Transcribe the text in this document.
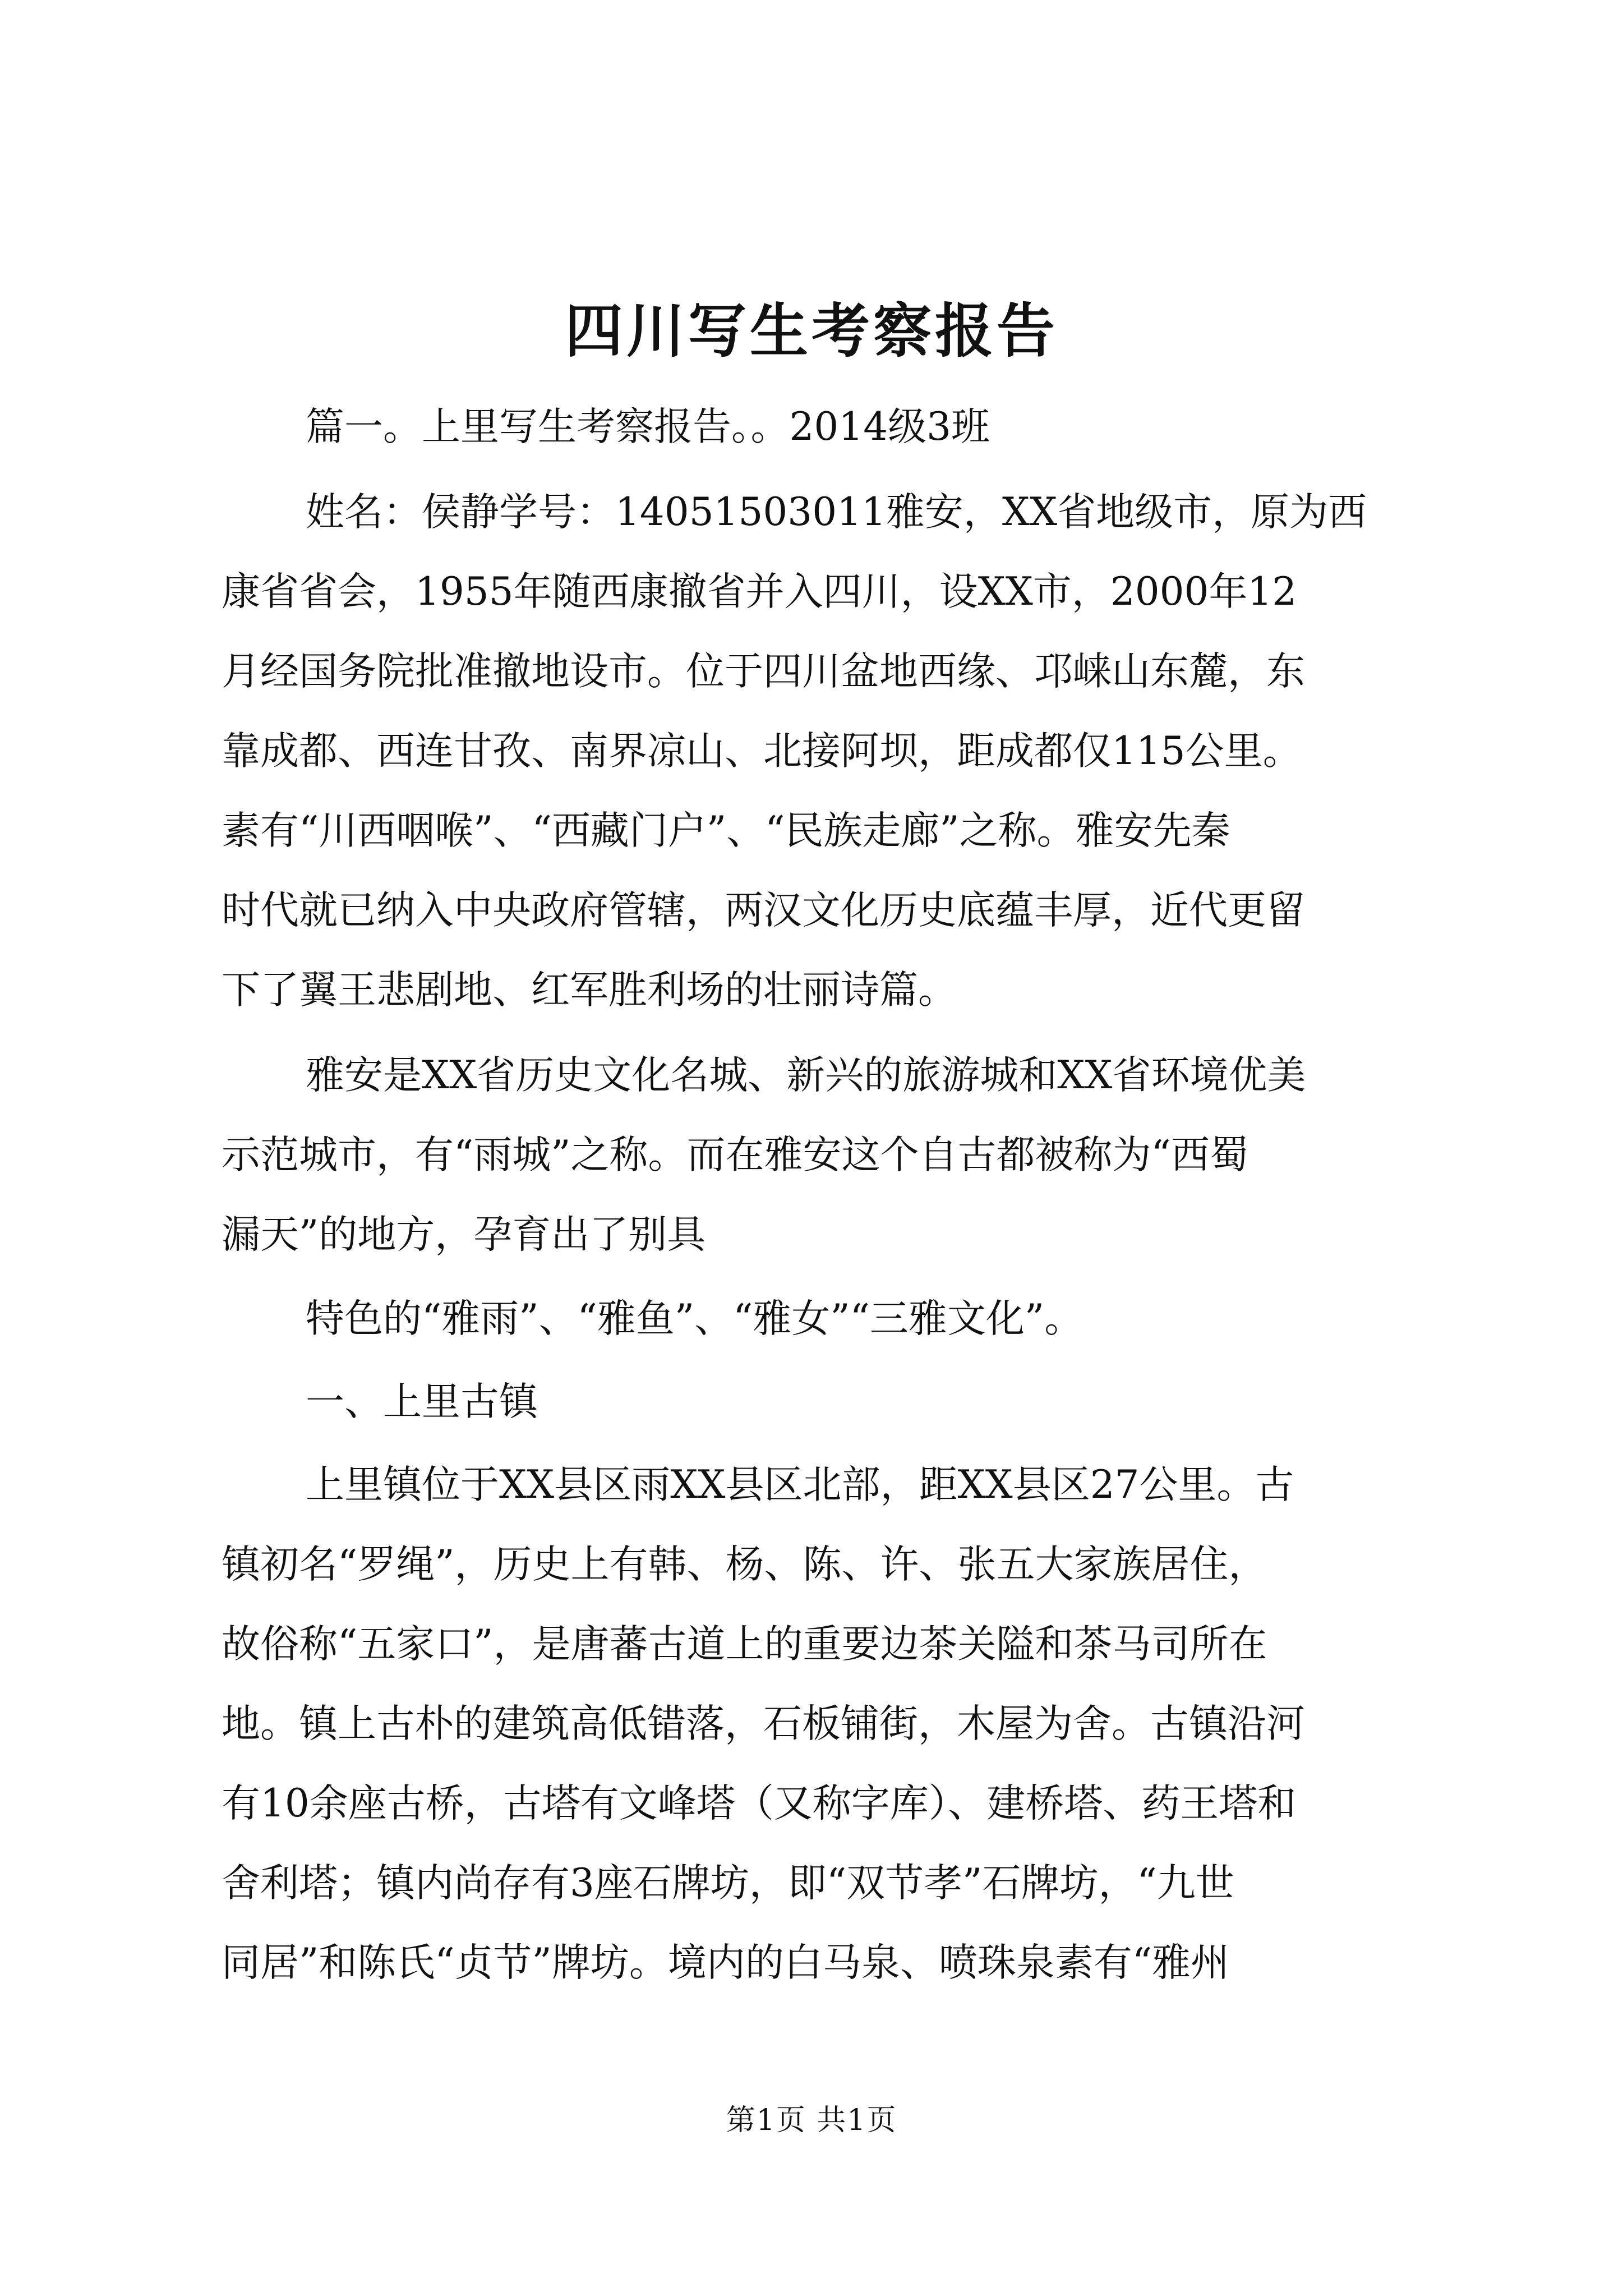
四川写生考察报告
篇一。上里写生考察报告。。2014级3班
姓名：侯静学号：14051503011雅安，XX省地级市，原为西
康省省会，1955年随西康撤省并入四川，设XX市，2000年12
月经国务院批准撤地设市。位于四川盆地西缘、邛崃山东麓，东
靠成都、西连甘孜、南界凉山、北接阿坝，距成都仅115公里。
素有“川西咽喉”、“西藏门户”、“民族走廊”之称。雅安先秦
时代就已纳入中央政府管辖，两汉文化历史底蕴丰厚，近代更留
下了翼王悲剧地、红军胜利场的壮丽诗篇。
雅安是XX省历史文化名城、新兴的旅游城和XX省环境优美
示范城市，有“雨城”之称。而在雅安这个自古都被称为“西蜀
漏天”的地方，孕育出了别具
特色的“雅雨”、“雅鱼”、“雅女”“三雅文化”。
一、上里古镇
上里镇位于XX县区雨XX县区北部，距XX县区27公里。古
镇初名“罗绳”，历史上有韩、杨、陈、许、张五大家族居住，
故俗称“五家口”，是唐蕃古道上的重要边茶关隘和茶马司所在
地。镇上古朴的建筑高低错落，石板铺街，木屋为舍。古镇沿河
有10余座古桥，古塔有文峰塔（又称字库）、建桥塔、药王塔和
舍利塔；镇内尚存有3座石牌坊，即“双节孝”石牌坊，“九世
同居”和陈氏“贞节”牌坊。境内的白马泉、喷珠泉素有“雅州
第1页 共1页
